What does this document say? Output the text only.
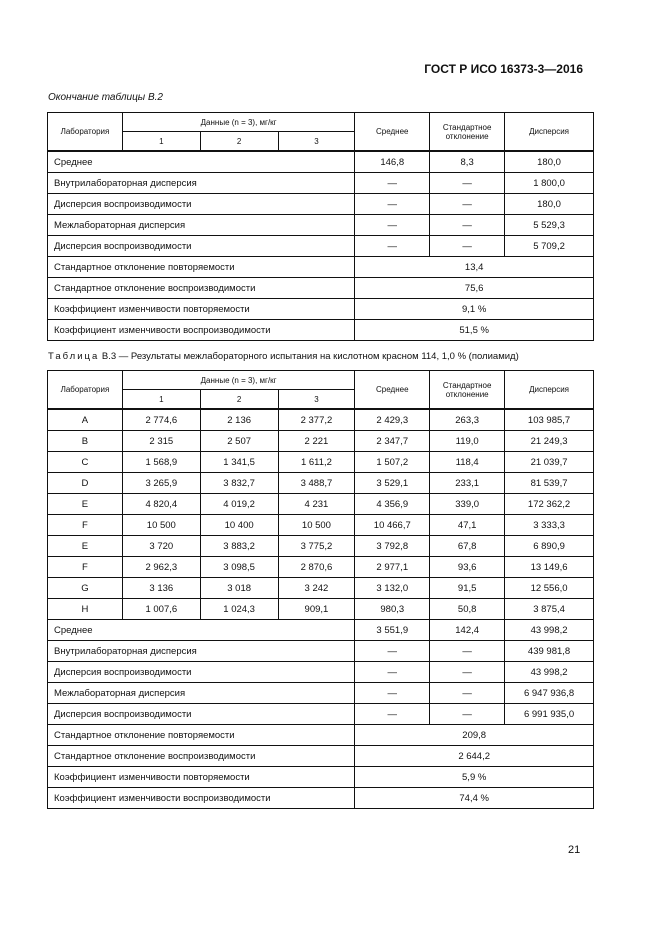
ГОСТ Р ИСО 16373-3—2016
Окончание таблицы B.2
Лаборатория	Данные (n = 3), мг/кг			Среднее	Стандартное отклонение	Дисперсия
	1	2	3			
Среднее				146,8	8,3	180,0
Внутрилабораторная дисперсия				—	—	1 800,0
Дисперсия воспроизводимости				—	—	180,0
Межлабораторная дисперсия				—	—	5 529,3
Дисперсия воспроизводимости				—	—	5 709,2
Стандартное отклонение повторяемости				13,4		
Стандартное отклонение воспроизводимости				75,6		
Коэффициент изменчивости повторяемости				9,1 %		
Коэффициент изменчивости воспроизводимости				51,5 %		
Таблица B.3 — Результаты межлабораторного испытания на кислотном красном 114, 1,0 % (полиамид)
Лаборатория	Данные (n = 3), мг/кг			Среднее	Стандартное отклонение	Дисперсия
	1	2	3			
A	2 774,6	2 136	2 377,2	2 429,3	263,3	103 985,7
B	2 315	2 507	2 221	2 347,7	119,0	21 249,3
C	1 568,9	1 341,5	1 611,2	1 507,2	118,4	21 039,7
D	3 265,9	3 832,7	3 488,7	3 529,1	233,1	81 539,7
E	4 820,4	4 019,2	4 231	4 356,9	339,0	172 362,2
F	10 500	10 400	10 500	10 466,7	47,1	3 333,3
E	3 720	3 883,2	3 775,2	3 792,8	67,8	6 890,9
F	2 962,3	3 098,5	2 870,6	2 977,1	93,6	13 149,6
G	3 136	3 018	3 242	3 132,0	91,5	12 556,0
H	1 007,6	1 024,3	909,1	980,3	50,8	3 875,4
Среднее				3 551,9	142,4	43 998,2
Внутрилабораторная дисперсия				—	—	439 981,8
Дисперсия воспроизводимости				—	—	43 998,2
Межлабораторная дисперсия				—	—	6 947 936,8
Дисперсия воспроизводимости				—	—	6 991 935,0
Стандартное отклонение повторяемости				209,8		
Стандартное отклонение воспроизводимости				2 644,2		
Коэффициент изменчивости повторяемости				5,9 %		
Коэффициент изменчивости воспроизводимости				74,4 %		
21
